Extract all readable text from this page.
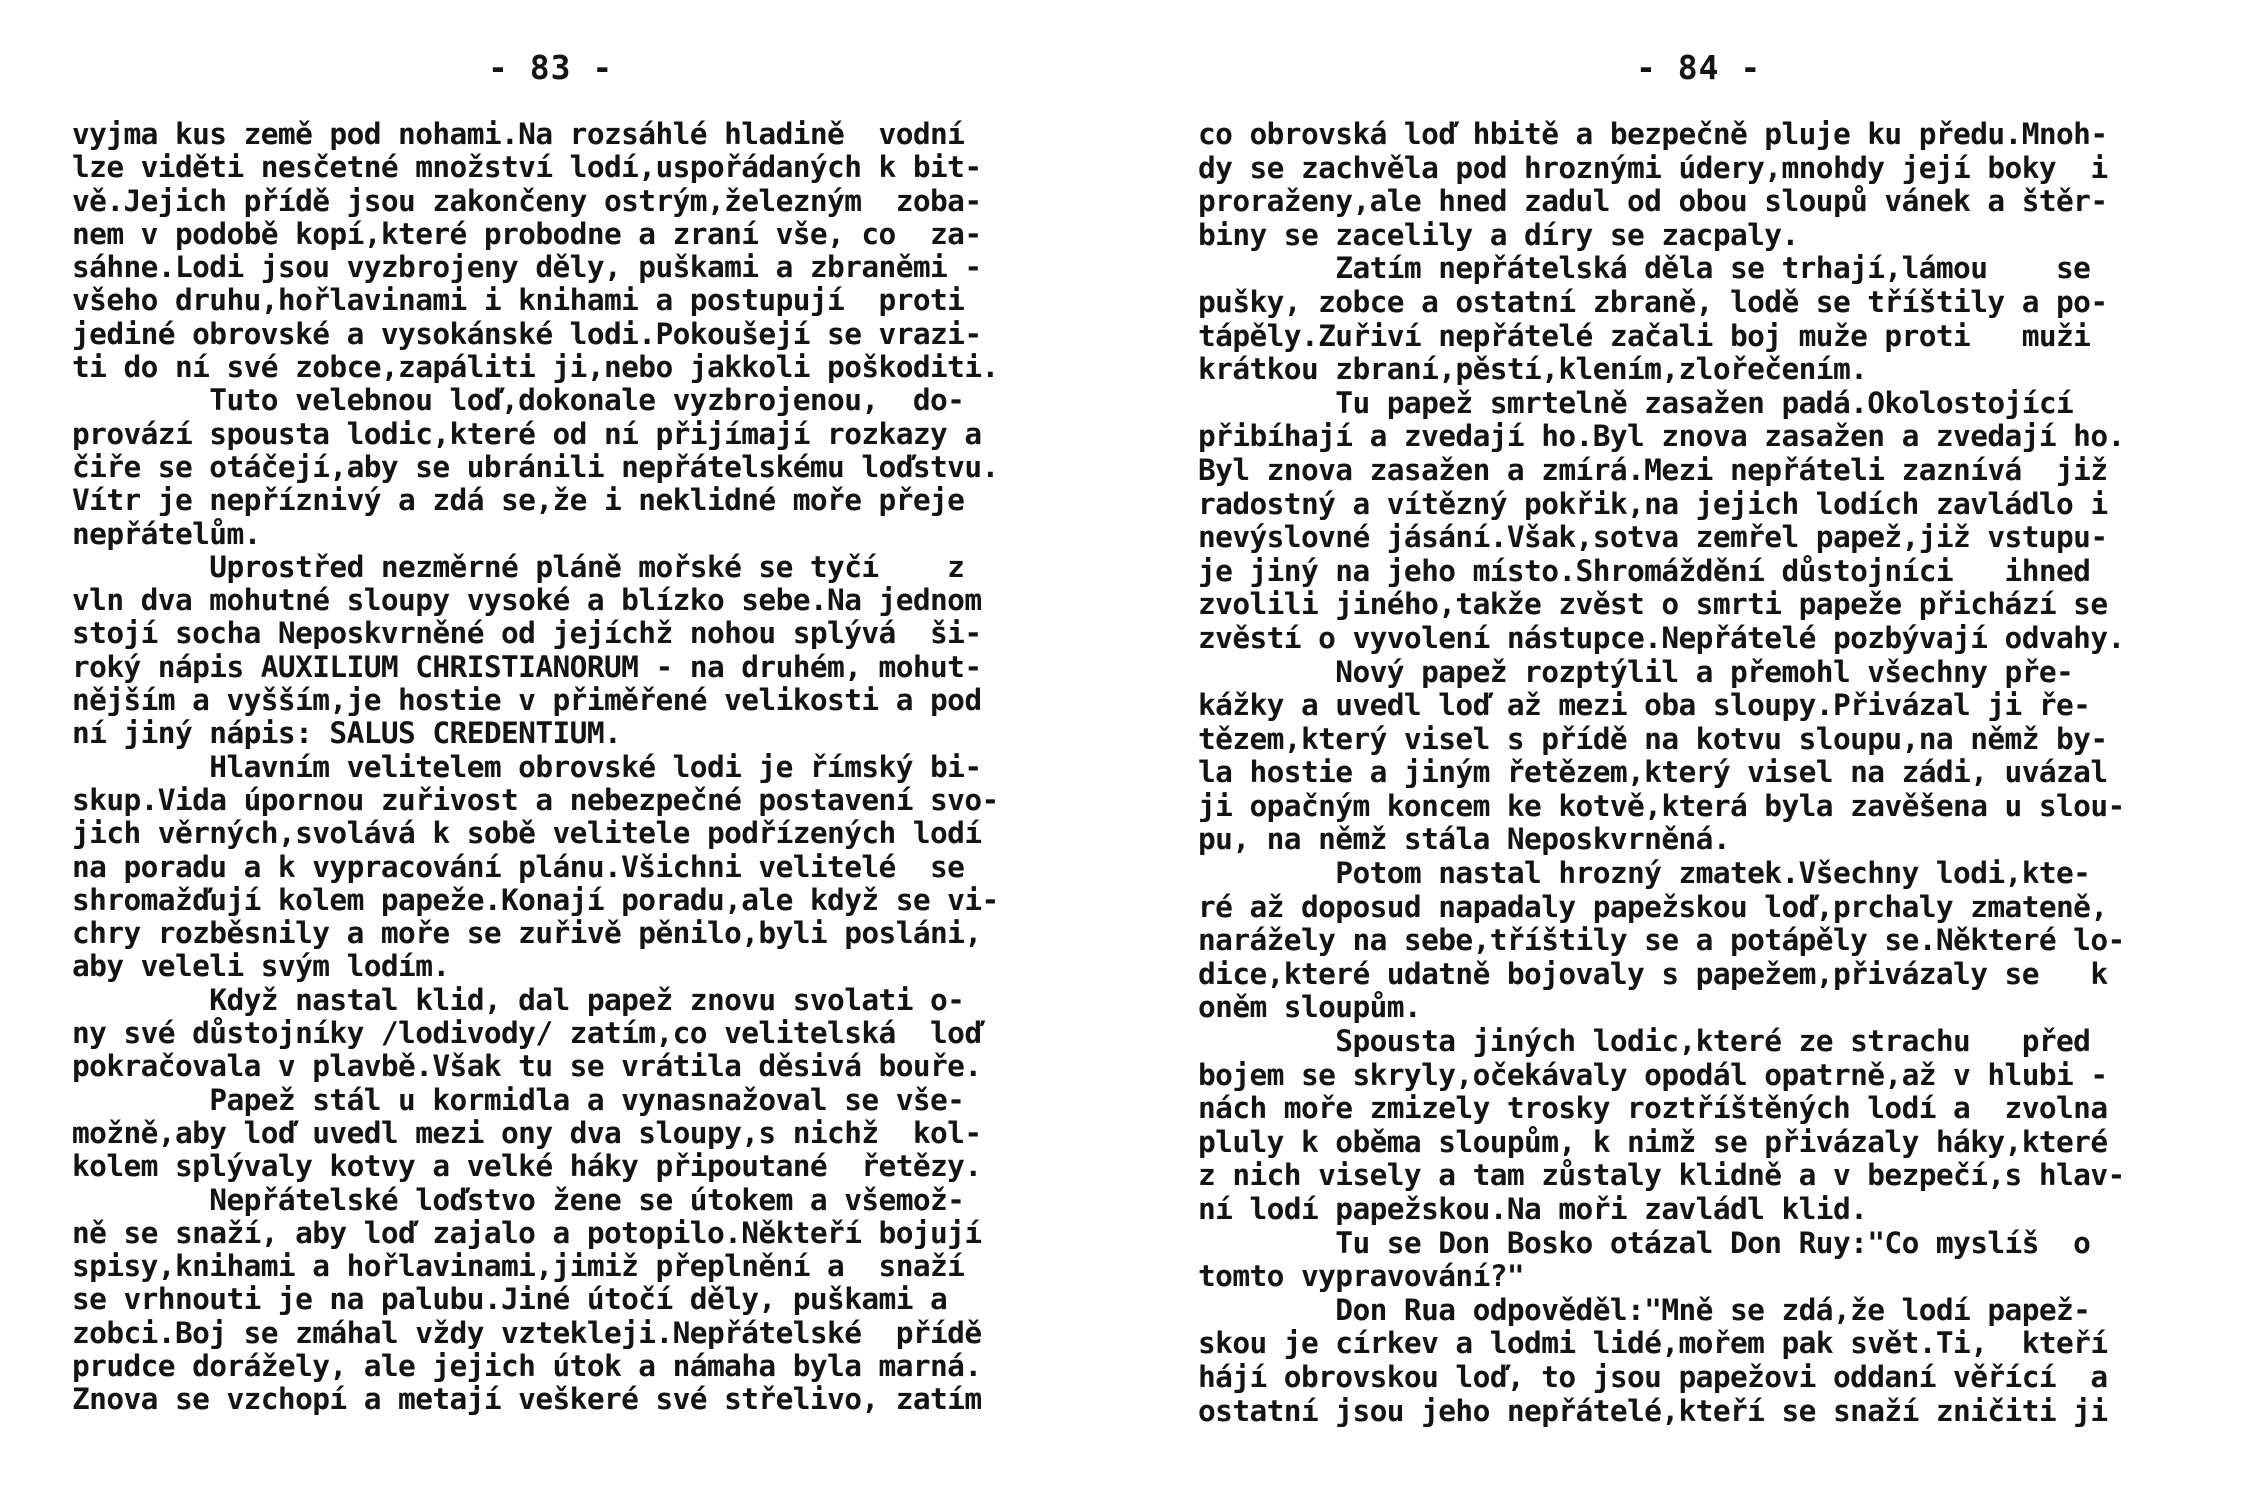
- 83 -
vyjma kus země pod nohami.Na rozsáhlé hladině  vodní
lze viděti nesčetné množství lodí,uspořádaných k bit-
vě.Jejich přídě jsou zakončeny ostrým,železným  zoba-
nem v podobě kopí,které probodne a zraní vše, co  za-
sáhne.Lodi jsou vyzbrojeny děly, puškami a zbraněmi -
všeho druhu,hořlavinami i knihami a postupují  proti
jediné obrovské a vysokánské lodi.Pokoušejí se vrazi-
ti do ní své zobce,zapáliti ji,nebo jakkoli poškoditi.
Tuto velebnou loď,dokonale vyzbrojenou,  do-
provází spousta lodic,které od ní přijímají rozkazy a
čiře se otáčejí,aby se ubránili nepřátelskému loďstvu.
Vítr je nepříznivý a zdá se,že i neklidné moře přeje
nepřátelům.
Uprostřed nezměrné pláně mořské se tyčí    z
vln dva mohutné sloupy vysoké a blízko sebe.Na jednom
stojí socha Neposkvrněné od jejíchž nohou splývá  ši-
roký nápis AUXILIUM CHRISTIANORUM - na druhém, mohut-
nějším a vyšším,je hostie v přiměřené velikosti a pod
ní jiný nápis: SALUS CREDENTIUM.
Hlavním velitelem obrovské lodi je římský bi-
skup.Vida úpornou zuřivost a nebezpečné postavení svo-
jich věrných,svolává k sobě velitele podřízených lodí
na poradu a k vypracování plánu.Všichni velitelé  se
shromažďují kolem papeže.Konají poradu,ale když se vi-
chry rozběsnily a moře se zuřivě pěnilo,byli posláni,
aby veleli svým lodím.
Když nastal klid, dal papež znovu svolati o-
ny své důstojníky /lodivody/ zatím,co velitelská  loď
pokračovala v plavbě.Však tu se vrátila děsivá bouře.
Papež stál u kormidla a vynasnažoval se vše-
možně,aby loď uvedl mezi ony dva sloupy,s nichž  kol-
kolem splývaly kotvy a velké háky připoutané  řetězy.
Nepřátelské loďstvo žene se útokem a všemož-
ně se snaží, aby loď zajalo a potopilo.Někteří bojují
spisy,knihami a hořlavinami,jimiž přeplnění a  snaží
se vrhnouti je na palubu.Jiné útočí děly, puškami a
zobci.Boj se zmáhal vždy vztekleji.Nepřátelské  přídě
prudce dorážely, ale jejich útok a námaha byla marná.
Znova se vzchopí a metají veškeré své střelivo, zatím
- 84 -
co obrovská loď hbitě a bezpečně pluje ku předu.Mnoh-
dy se zachvěla pod hroznými údery,mnohdy její boky  i
proraženy,ale hned zadul od obou sloupů vánek a štěr-
biny se zacelily a díry se zacpaly.
Zatím nepřátelská děla se trhají,lámou    se
pušky, zobce a ostatní zbraně, lodě se tříštily a po-
tápěly.Zuřiví nepřátelé začali boj muže proti   muži
krátkou zbraní,pěstí,klením,zlořečením.
Tu papež smrtelně zasažen padá.Okolostojící
přibíhají a zvedají ho.Byl znova zasažen a zvedají ho.
Byl znova zasažen a zmírá.Mezi nepřáteli zaznívá  již
radostný a vítězný pokřik,na jejich lodích zavládlo i
nevýslovné jásání.Však,sotva zemřel papež,již vstupu-
je jiný na jeho místo.Shromáždění důstojníci   ihned
zvolili jiného,takže zvěst o smrti papeže přichází se
zvěstí o vyvolení nástupce.Nepřátelé pozbývají odvahy.
Nový papež rozptýlil a přemohl všechny pře-
kážky a uvedl loď až mezi oba sloupy.Přivázal ji ře-
tězem,který visel s přídě na kotvu sloupu,na němž by-
la hostie a jiným řetězem,který visel na zádi, uvázal
ji opačným koncem ke kotvě,která byla zavěšena u slou-
pu, na němž stála Neposkvrněná.
Potom nastal hrozný zmatek.Všechny lodi,kte-
ré až doposud napadaly papežskou loď,prchaly zmateně,
narážely na sebe,tříštily se a potápěly se.Některé lo-
dice,které udatně bojovaly s papežem,přivázaly se   k
oněm sloupům.
Spousta jiných lodic,které ze strachu   před
bojem se skryly,očekávaly opodál opatrně,až v hlubi -
nách moře zmizely trosky roztříštěných lodí a  zvolna
pluly k oběma sloupům, k nimž se přivázaly háky,které
z nich visely a tam zůstaly klidně a v bezpečí,s hlav-
ní lodí papežskou.Na moři zavládl klid.
Tu se Don Bosko otázal Don Ruy:"Co myslíš  o
tomto vypravování?"
Don Rua odpověděl:"Mně se zdá,že lodí papež-
skou je církev a lodmi lidé,mořem pak svět.Ti,  kteří
hájí obrovskou loď, to jsou papežovi oddaní věřící  a
ostatní jsou jeho nepřátelé,kteří se snaží zničiti ji
